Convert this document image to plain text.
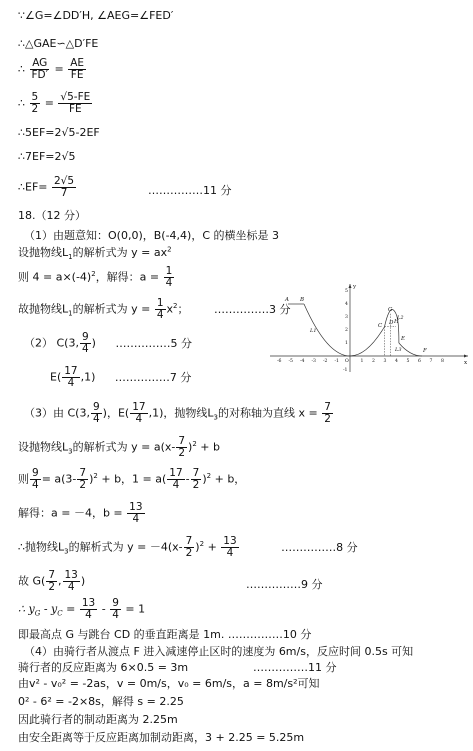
∵∠G=∠DD′H, ∠AEG=∠FED′
∴△GAE∽△D′FE
∴ $\frac{AG}{FD'} = \frac{AE}{FE}$
∴ $\frac{5}{2} = \frac{√5-FE}{FE}$
∴5EF=2√5-2EF
∴7EF=2√5
∴EF= $\frac{2√5}{7}$	……………11 分
18.（12 分）
（1）由题意知：O(0,0)，B(-4,4)，C 的横坐标是 3
设抛物线$L_1$的解析式为 $y = ax^2$
则 $4 = a\times(-4)^2$，解得：$a = \frac{1}{4}$
故抛物线$L_1$的解析式为 $y = \frac{1}{4} x^2$； ……………3 分
（2） C(3, $\frac{9}{4}$ ) ……………5 分
$E( \frac{17}{4} ,1)$ ……………7 分
（3）由 C(3, $\frac{9}{4}$ )，$E( \frac{17}{4} ,1)$，抛物线$L_3$的对称轴为直线 $x = \frac{7}{2}$
设抛物线$L_3$的解析式为 $y = a(x- \frac{7}{2} )^2 + b$
则 $\frac{9}{4} = a(3- \frac{7}{2} )^2 + b$，$1 = a( \frac{17}{4} - \frac{7}{2} )^2 + b$，
解得：a = －4，$b = \frac{13}{4}$
∴抛物线$L_3$的解析式为 $y = -4(x- \frac{7}{2} )^2 + \frac{13}{4}$	……………8 分
故 $G( \frac{7}{2}$ , $\frac{13}{4}$ )	……………9 分
∴ $y_G - y_C = \frac{13}{4} - \frac{9}{4} = 1$
即最高点 G 与跳台 CD 的垂直距离是 1m. ……………10 分
（4）由骑行者从渡点 F 进入减速停止区时的速度为 6m/s，反应时间 0.5s 可知
骑行者的反应距离为 6×0.5 = 3m	……………11 分
由v² - v₀² = -2as，v = 0m/s，v₀ = 6m/s，a = 8m/s²可知
0² - 6² = -2×8s，解得 s = 2.25
因此骑行者的制动距离为 2.25m
由安全距离等于反应距离加制动距离，3 + 2.25 = 5.25m
x
y
-6 -5 -4 -3 -2 -1 O	1 2 3 4 5 6 7 8
5
4
3
2
1
-1
A B
C D
G
H
E
F
L1
L2
L3
